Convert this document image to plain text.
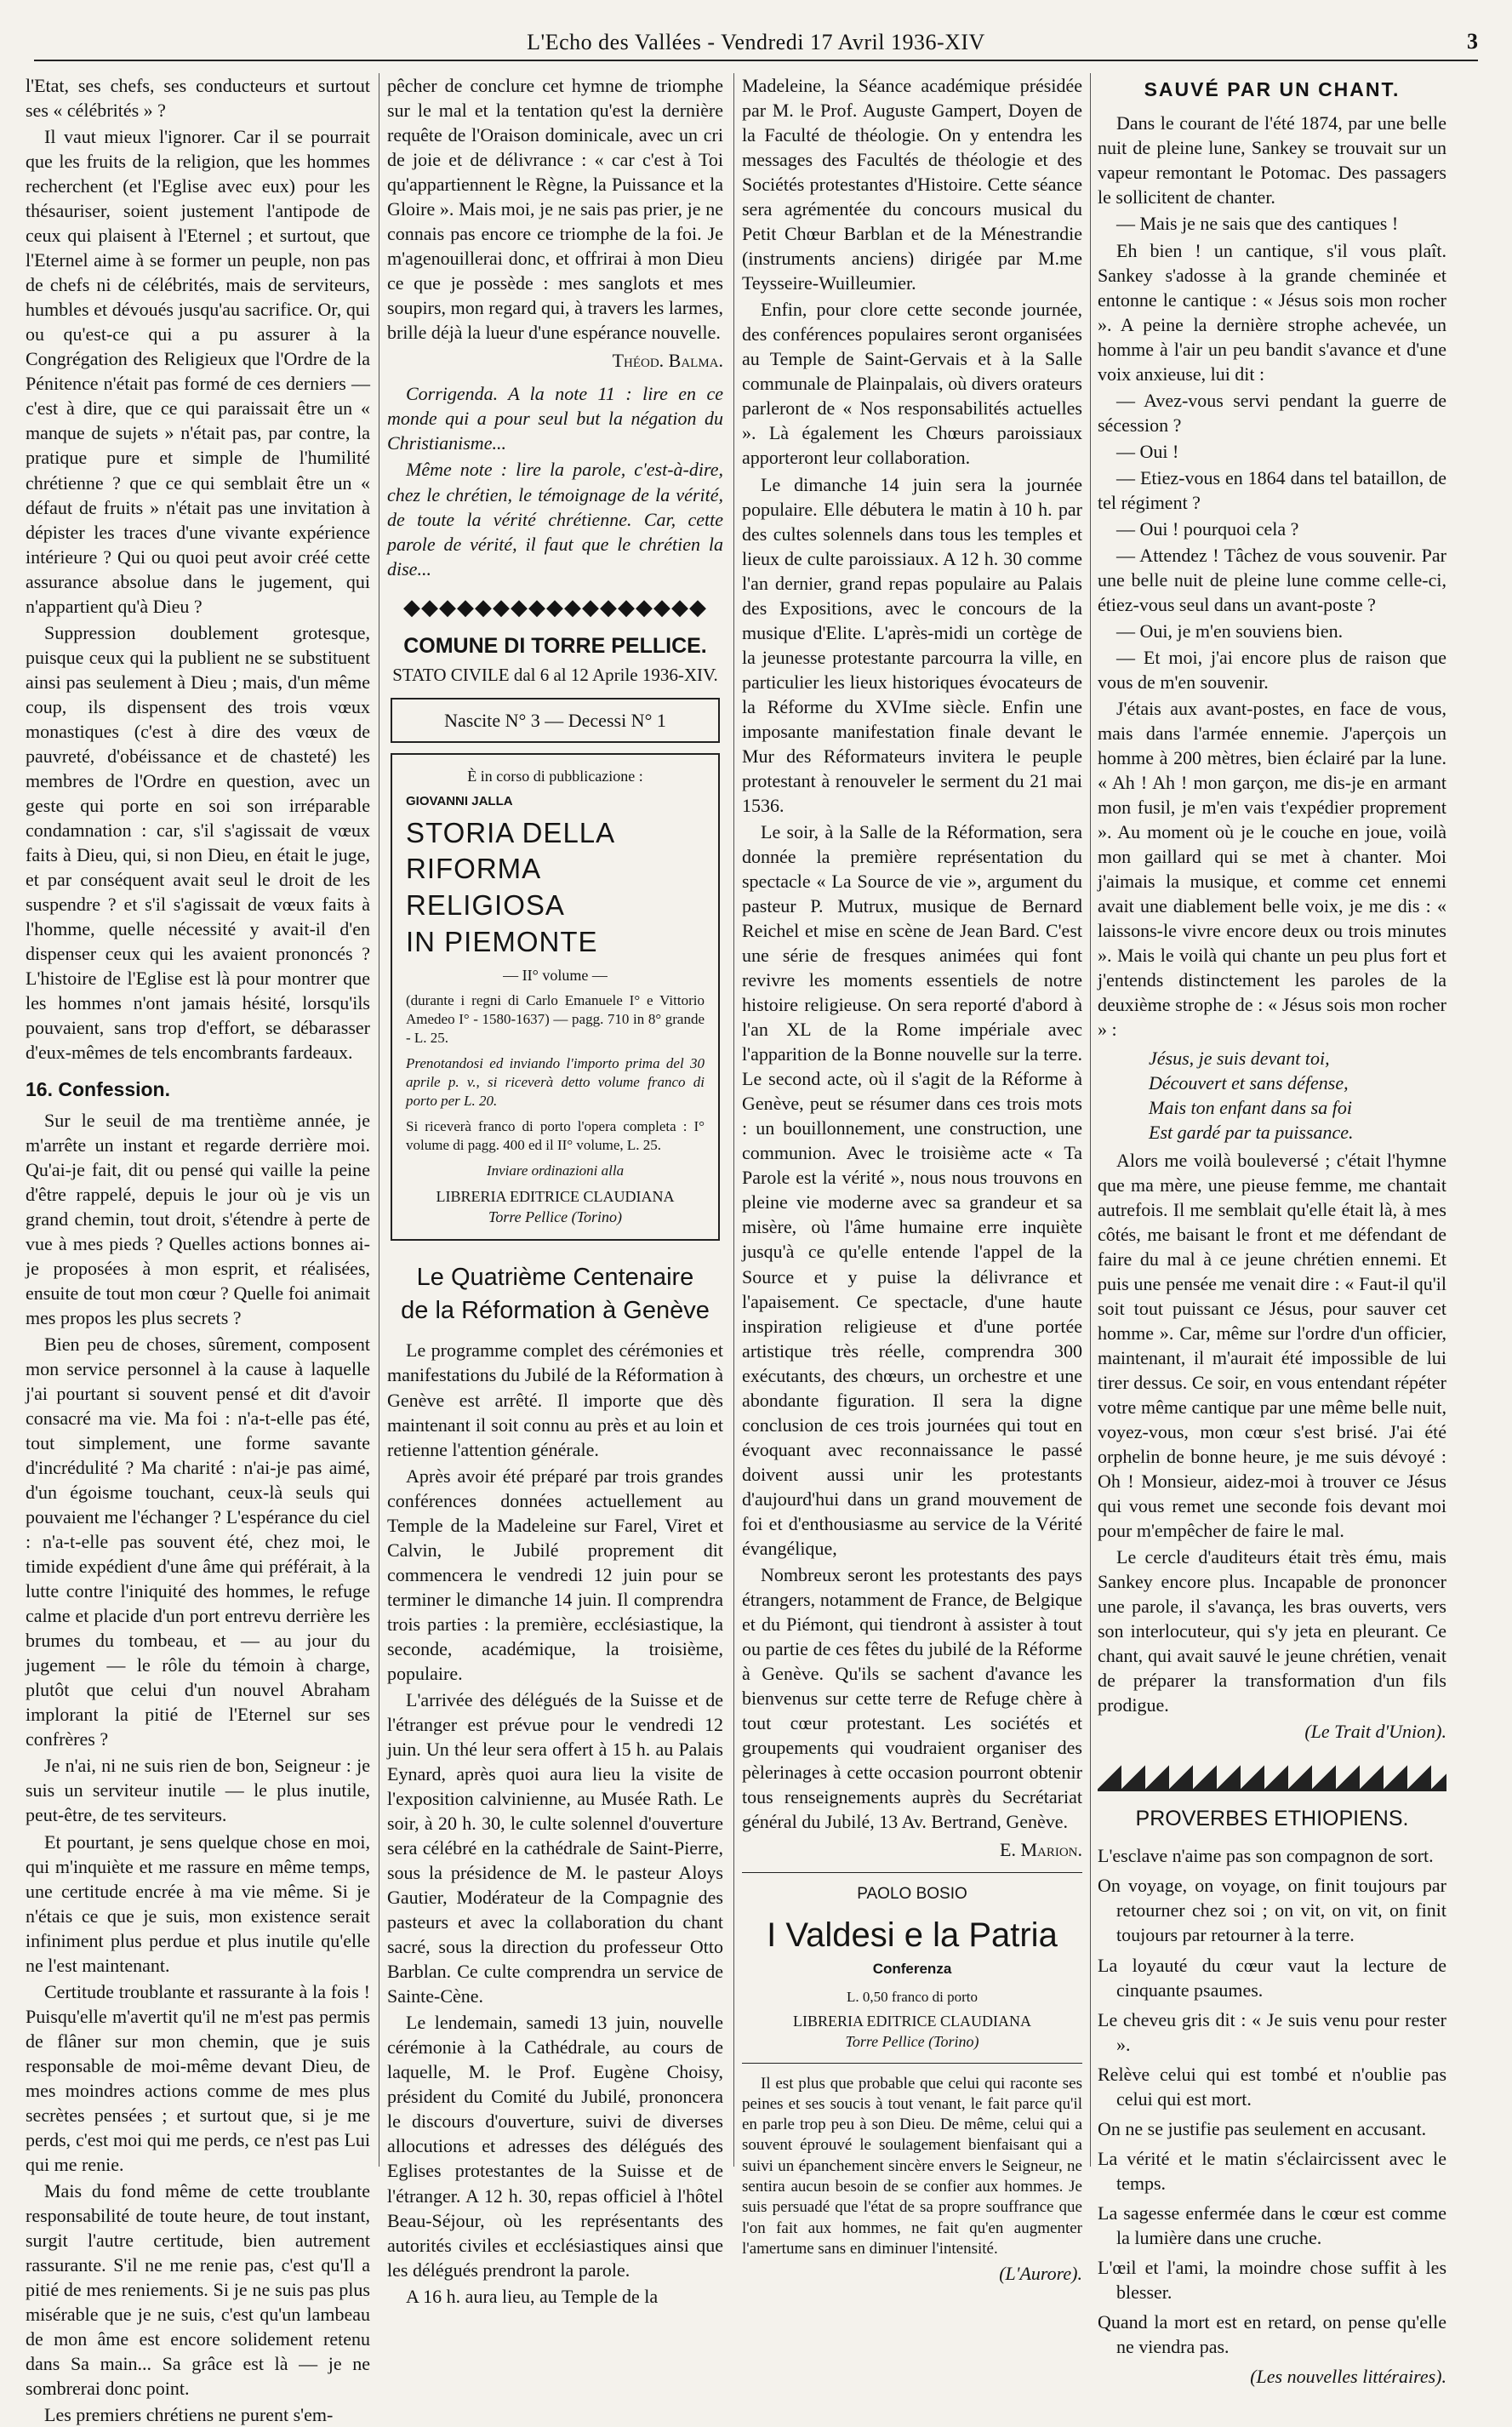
L'Echo des Vallées - Vendredi 17 Avril 1936-XIV	3

l'Etat, ses chefs, ses conducteurs et surtout ses « célébrités » ?

Il vaut mieux l'ignorer. Car il se pourrait que les fruits de la religion, que les hommes recherchent (et l'Eglise avec eux) pour les thésauriser, soient justement l'antipode de ceux qui plaisent à l'Eternel ; et surtout, que l'Eternel aime à se former un peuple, non pas de chefs ni de célébrités, mais de serviteurs, humbles et dévoués jusqu'au sacrifice. Or, qui ou qu'est-ce qui a pu assurer à la Congrégation des Religieux que l'Ordre de la Pénitence n'était pas formé de ces derniers — c'est à dire, que ce qui paraissait être un « manque de sujets » n'était pas, par contre, la pratique pure et simple de l'humilité chrétienne ? que ce qui semblait être un « défaut de fruits » n'était pas une invitation à dépister les traces d'une vivante expérience intérieure ? Qui ou quoi peut avoir créé cette assurance absolue dans le jugement, qui n'appartient qu'à Dieu ?

Suppression doublement grotesque, puisque ceux qui la publient ne se substituent ainsi pas seulement à Dieu ; mais, d'un même coup, ils dispensent des trois vœux monastiques (c'est à dire des vœux de pauvreté, d'obéissance et de chasteté) les membres de l'Ordre en question, avec un geste qui porte en soi son irréparable condamnation : car, s'il s'agissait de vœux faits à Dieu, qui, si non Dieu, en était le juge, et par conséquent avait seul le droit de les suspendre ? et s'il s'agissait de vœux faits à l'homme, quelle nécessité y avait-il d'en dispenser ceux qui les avaient prononcés ? L'histoire de l'Eglise est là pour montrer que les hommes n'ont jamais hésité, lorsqu'ils pouvaient, sans trop d'effort, se débarasser d'eux-mêmes de tels encombrants fardeaux.

16. Confession.

Sur le seuil de ma trentième année, je m'arrête un instant et regarde derrière moi. Qu'ai-je fait, dit ou pensé qui vaille la peine d'être rappelé, depuis le jour où je vis un grand chemin, tout droit, s'étendre à perte de vue à mes pieds ? Quelles actions bonnes ai-je proposées à mon esprit, et réalisées, ensuite de tout mon cœur ? Quelle foi animait mes propos les plus secrets ?

Bien peu de choses, sûrement, composent mon service personnel à la cause à laquelle j'ai pourtant si souvent pensé et dit d'avoir consacré ma vie. Ma foi : n'a-t-elle pas été, tout simplement, une forme savante d'incrédulité ? Ma charité : n'ai-je pas aimé, d'un égoisme touchant, ceux-là seuls qui pouvaient me l'échanger ? L'espérance du ciel : n'a-t-elle pas souvent été, chez moi, le timide expédient d'une âme qui préférait, à la lutte contre l'iniquité des hommes, le refuge calme et placide d'un port entrevu derrière les brumes du tombeau, et — au jour du jugement — le rôle du témoin à charge, plutôt que celui d'un nouvel Abraham implorant la pitié de l'Eternel sur ses confrères ?

Je n'ai, ni ne suis rien de bon, Seigneur : je suis un serviteur inutile — le plus inutile, peut-être, de tes serviteurs.

Et pourtant, je sens quelque chose en moi, qui m'inquiète et me rassure en même temps, une certitude encrée à ma vie même. Si je n'étais ce que je suis, mon existence serait infiniment plus perdue et plus inutile qu'elle ne l'est maintenant.

Certitude troublante et rassurante à la fois ! Puisqu'elle m'avertit qu'il ne m'est pas permis de flâner sur mon chemin, que je suis responsable de moi-même devant Dieu, de mes moindres actions comme de mes plus secrètes pensées ; et surtout que, si je me perds, c'est moi qui me perds, ce n'est pas Lui qui me renie.

Mais du fond même de cette troublante responsabilité de toute heure, de tout instant, surgit l'autre certitude, bien autrement rassurante. S'il ne me renie pas, c'est qu'Il a pitié de mes reniements. Si je ne suis pas plus misérable que je ne suis, c'est qu'un lambeau de mon âme est encore solidement retenu dans Sa main... Sa grâce est là — je ne sombrerai donc point.

Les premiers chrétiens ne purent s'em-

pêcher de conclure cet hymne de triomphe sur le mal et la tentation qu'est la dernière requête de l'Oraison dominicale, avec un cri de joie et de délivrance : « car c'est à Toi qu'appartiennent le Règne, la Puissance et la Gloire ». Mais moi, je ne sais pas prier, je ne connais pas encore ce triomphe de la foi. Je m'agenouillerai donc, et offrirai à mon Dieu ce que je possède : mes sanglots et mes soupirs, mon regard qui, à travers les larmes, brille déjà la lueur d'une espérance nouvelle.

Théod. Balma.

Corrigenda. A la note 11 : lire en ce monde qui a pour seul but la négation du Christianisme...

Même note : lire la parole, c'est-à-dire, chez le chrétien, le témoignage de la vérité, de toute la vérité chrétienne. Car, cette parole de vérité, il faut que le chrétien la dise...

◆◆◆◆◆◆◆◆◆◆◆◆◆◆◆◆◆
COMUNE DI TORRE PELLICE.
STATO CIVILE dal 6 al 12 Aprile 1936-XIV.
Nascite N° 3 — Decessi N° 1
È in corso di pubblicazione :
GIOVANNI JALLA
STORIA DELLA
RIFORMA RELIGIOSA
IN PIEMONTE
— II° volume —
(durante i regni di Carlo Emanuele I° e Vittorio Amedeo I° - 1580-1637) — pagg. 710 in 8° grande - L. 25.
Prenotandosi ed inviando l'importo prima del 30 aprile p. v., si riceverà detto volume franco di porto per L. 20.
Si riceverà franco di porto l'opera completa : I° volume di pagg. 400 ed il II° volume, L. 25.
Inviare ordinazioni alla
LIBRERIA EDITRICE CLAUDIANA
Torre Pellice (Torino)
Le Quatrième Centenaire
de la Réformation à Genève

Le programme complet des cérémonies et manifestations du Jubilé de la Réformation à Genève est arrêté. Il importe que dès maintenant il soit connu au près et au loin et retienne l'attention générale.

Après avoir été préparé par trois grandes conférences données actuellement au Temple de la Madeleine sur Farel, Viret et Calvin, le Jubilé proprement dit commencera le vendredi 12 juin pour se terminer le dimanche 14 juin. Il comprendra trois parties : la première, ecclésiastique, la seconde, académique, la troisième, populaire.

L'arrivée des délégués de la Suisse et de l'étranger est prévue pour le vendredi 12 juin. Un thé leur sera offert à 15 h. au Palais Eynard, après quoi aura lieu la visite de l'exposition calvinienne, au Musée Rath. Le soir, à 20 h. 30, le culte solennel d'ouverture sera célébré en la cathédrale de Saint-Pierre, sous la présidence de M. le pasteur Aloys Gautier, Modérateur de la Compagnie des pasteurs et avec la collaboration du chant sacré, sous la direction du professeur Otto Barblan. Ce culte comprendra un service de Sainte-Cène.

Le lendemain, samedi 13 juin, nouvelle cérémonie à la Cathédrale, au cours de laquelle, M. le Prof. Eugène Choisy, président du Comité du Jubilé, prononcera le discours d'ouverture, suivi de diverses allocutions et adresses des délégués des Eglises protestantes de la Suisse et de l'étranger. A 12 h. 30, repas officiel à l'hôtel Beau-Séjour, où les représentants des autorités civiles et ecclésiastiques ainsi que les délégués prendront la parole.

A 16 h. aura lieu, au Temple de la

Madeleine, la Séance académique présidée par M. le Prof. Auguste Gampert, Doyen de la Faculté de théologie. On y entendra les messages des Facultés de théologie et des Sociétés protestantes d'Histoire. Cette séance sera agrémentée du concours musical du Petit Chœur Barblan et de la Ménestrandie (instruments anciens) dirigée par M.me Teysseire-Wuilleumier.

Enfin, pour clore cette seconde journée, des conférences populaires seront organisées au Temple de Saint-Gervais et à la Salle communale de Plainpalais, où divers orateurs parleront de « Nos responsabilités actuelles ». Là également les Chœurs paroissiaux apporteront leur collaboration.

Le dimanche 14 juin sera la journée populaire. Elle débutera le matin à 10 h. par des cultes solennels dans tous les temples et lieux de culte paroissiaux. A 12 h. 30 comme l'an dernier, grand repas populaire au Palais des Expositions, avec le concours de la musique d'Elite. L'après-midi un cortège de la jeunesse protestante parcourra la ville, en particulier les lieux historiques évocateurs de la Réforme du XVIme siècle. Enfin une imposante manifestation finale devant le Mur des Réformateurs invitera le peuple protestant à renouveler le serment du 21 mai 1536.

Le soir, à la Salle de la Réformation, sera donnée la première représentation du spectacle « La Source de vie », argument du pasteur P. Mutrux, musique de Bernard Reichel et mise en scène de Jean Bard. C'est une série de fresques animées qui font revivre les moments essentiels de notre histoire religieuse. On sera reporté d'abord à l'an XL de la Rome impériale avec l'apparition de la Bonne nouvelle sur la terre. Le second acte, où il s'agit de la Réforme à Genève, peut se résumer dans ces trois mots : un bouillonnement, une construction, une communion. Avec le troisième acte « Ta Parole est la vérité », nous nous trouvons en pleine vie moderne avec sa grandeur et sa misère, où l'âme humaine erre inquiète jusqu'à ce qu'elle entende l'appel de la Source et y puise la délivrance et l'apaisement. Ce spectacle, d'une haute inspiration religieuse et d'une portée artistique très réelle, comprendra 300 exécutants, des chœurs, un orchestre et une abondante figuration. Il sera la digne conclusion de ces trois journées qui tout en évoquant avec reconnaissance le passé doivent aussi unir les protestants d'aujourd'hui dans un grand mouvement de foi et d'enthousiasme au service de la Vérité évangélique,

Nombreux seront les protestants des pays étrangers, notamment de France, de Belgique et du Piémont, qui tiendront à assister à tout ou partie de ces fêtes du jubilé de la Réforme à Genève. Qu'ils se sachent d'avance les bienvenus sur cette terre de Refuge chère à tout cœur protestant. Les sociétés et groupements qui voudraient organiser des pèlerinages à cette occasion pourront obtenir tous renseignements auprès du Secrétariat général du Jubilé, 13 Av. Bertrand, Genève.

E. Marion.
PAOLO BOSIO
I Valdesi e la Patria
Conferenza
L. 0,50 franco di porto
LIBRERIA EDITRICE CLAUDIANA
Torre Pellice (Torino)

Il est plus que probable que celui qui raconte ses peines et ses soucis à tout venant, le fait parce qu'il en parle trop peu à son Dieu. De même, celui qui a souvent éprouvé le soulagement bienfaisant qui a suivi un épanchement sincère envers le Seigneur, ne sentira aucun besoin de se confier aux hommes. Je suis persuadé que l'état de sa propre souffrance que l'on fait aux hommes, ne fait qu'en augmenter l'amertume sans en diminuer l'intensité.

(L'Aurore).
SAUVÉ PAR UN CHANT.

Dans le courant de l'été 1874, par une belle nuit de pleine lune, Sankey se trouvait sur un vapeur remontant le Potomac. Des passagers le sollicitent de chanter.

— Mais je ne sais que des cantiques !

Eh bien ! un cantique, s'il vous plaît. Sankey s'adosse à la grande cheminée et entonne le cantique : « Jésus sois mon rocher ». A peine la dernière strophe achevée, un homme à l'air un peu bandit s'avance et d'une voix anxieuse, lui dit :

— Avez-vous servi pendant la guerre de sécession ?

— Oui !

— Etiez-vous en 1864 dans tel bataillon, de tel régiment ?

— Oui ! pourquoi cela ?

— Attendez ! Tâchez de vous souvenir. Par une belle nuit de pleine lune comme celle-ci, étiez-vous seul dans un avant-poste ?

— Oui, je m'en souviens bien.

— Et moi, j'ai encore plus de raison que vous de m'en souvenir.

J'étais aux avant-postes, en face de vous, mais dans l'armée ennemie. J'aperçois un homme à 200 mètres, bien éclairé par la lune. « Ah ! Ah ! mon garçon, me dis-je en armant mon fusil, je m'en vais t'expédier proprement ». Au moment où je le couche en joue, voilà mon gaillard qui se met à chanter. Moi j'aimais la musique, et comme cet ennemi avait une diablement belle voix, je me dis : « laissons-le vivre encore deux ou trois minutes ». Mais le voilà qui chante un peu plus fort et j'entends distinctement les paroles de la deuxième strophe de : « Jésus sois mon rocher » :

Jésus, je suis devant toi,
Découvert et sans défense,
Mais ton enfant dans sa foi
Est gardé par ta puissance.

Alors me voilà bouleversé ; c'était l'hymne que ma mère, une pieuse femme, me chantait autrefois. Il me semblait qu'elle était là, à mes côtés, me baisant le front et me défendant de faire du mal à ce jeune chrétien ennemi. Et puis une pensée me venait dire : « Faut-il qu'il soit tout puissant ce Jésus, pour sauver cet homme ». Car, même sur l'ordre d'un officier, maintenant, il m'aurait été impossible de lui tirer dessus. Ce soir, en vous entendant répéter votre même cantique par une même belle nuit, voyez-vous, mon cœur s'est brisé. J'ai été orphelin de bonne heure, je me suis dévoyé : Oh ! Monsieur, aidez-moi à trouver ce Jésus qui vous remet une seconde fois devant moi pour m'empêcher de faire le mal.

Le cercle d'auditeurs était très ému, mais Sankey encore plus. Incapable de prononcer une parole, il s'avança, les bras ouverts, vers son interlocuteur, qui s'y jeta en pleurant. Ce chant, qui avait sauvé le jeune chrétien, venait de préparer la transformation d'un fils prodigue.

(Le Trait d'Union).
PROVERBES ETHIOPIENS.

L'esclave n'aime pas son compagnon de sort.

On voyage, on voyage, on finit toujours par retourner chez soi ; on vit, on vit, on finit toujours par retourner à la terre.

La loyauté du cœur vaut la lecture de cinquante psaumes.

Le cheveu gris dit : « Je suis venu pour rester ».

Relève celui qui est tombé et n'oublie pas celui qui est mort.

On ne se justifie pas seulement en accusant.

La vérité et le matin s'éclaircissent avec le temps.

La sagesse enfermée dans le cœur est comme la lumière dans une cruche.

L'œil et l'ami, la moindre chose suffit à les blesser.

Quand la mort est en retard, on pense qu'elle ne viendra pas.

(Les nouvelles littéraires).
